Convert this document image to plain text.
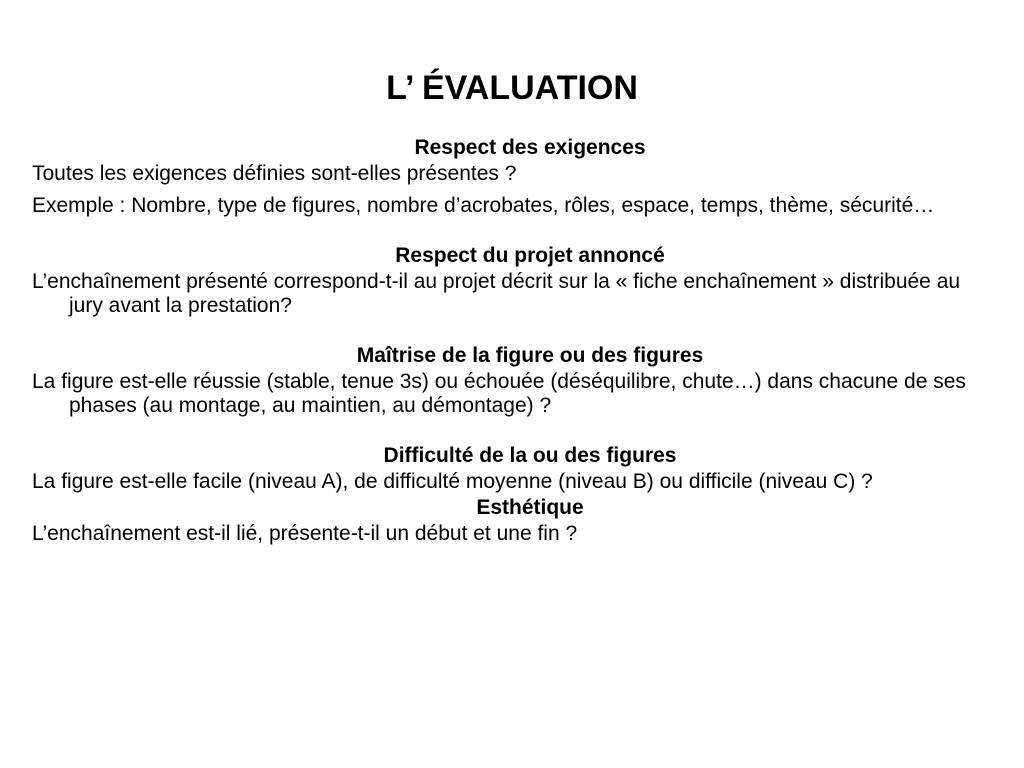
L’ ÉVALUATION

Respect des exigences

Toutes les exigences définies sont-elles présentes ?

Exemple : Nombre, type de figures, nombre d’acrobates, rôles, espace, temps, thème, sécurité…

Respect du projet annoncé

L’enchaînement présenté correspond-t-il au projet décrit sur la « fiche enchaînement » distribuée au jury avant la prestation?

Maîtrise de la figure ou des figures

La figure est-elle réussie (stable, tenue 3s) ou échouée (déséquilibre, chute…) dans chacune de ses phases (au montage, au maintien, au démontage) ?

Difficulté de la ou des figures

La figure est-elle facile (niveau A), de difficulté moyenne (niveau B) ou difficile (niveau C) ?

Esthétique

L’enchaînement est-il lié, présente-t-il un début et une fin ?
